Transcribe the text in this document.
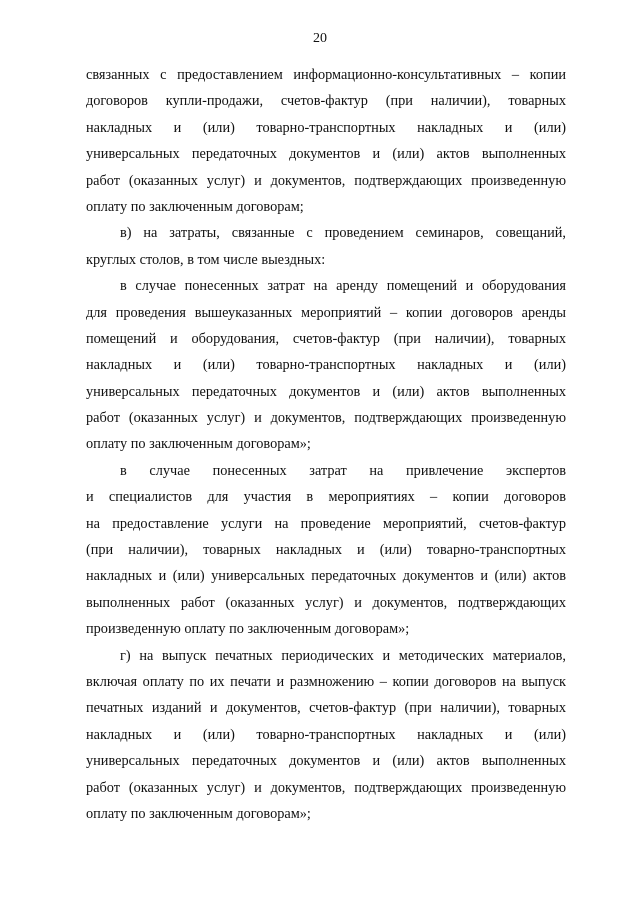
20
связанных с предоставлением информационно-консультативных – копии
договоров купли-продажи, счетов-фактур (при наличии), товарных
накладных и (или) товарно-транспортных накладных и (или)
универсальных передаточных документов и (или) актов выполненных
работ (оказанных услуг) и документов, подтверждающих произведенную
оплату по заключенным договорам;
в) на затраты, связанные с проведением семинаров, совещаний,
круглых столов, в том числе выездных:
в случае понесенных затрат на аренду помещений и оборудования
для проведения вышеуказанных мероприятий – копии договоров аренды
помещений и оборудования, счетов-фактур (при наличии), товарных
накладных и (или) товарно-транспортных накладных и (или)
универсальных передаточных документов и (или) актов выполненных
работ (оказанных услуг) и документов, подтверждающих произведенную
оплату по заключенным договорам»;
в случае понесенных затрат на привлечение экспертов
и специалистов для участия в мероприятиях – копии договоров
на предоставление услуги на проведение мероприятий, счетов-фактур
(при наличии), товарных накладных и (или) товарно-транспортных
накладных и (или) универсальных передаточных документов и (или) актов
выполненных работ (оказанных услуг) и документов, подтверждающих
произведенную оплату по заключенным договорам»;
г) на выпуск печатных периодических и методических материалов,
включая оплату по их печати и размножению – копии договоров на выпуск
печатных изданий и документов, счетов-фактур (при наличии), товарных
накладных и (или) товарно-транспортных накладных и (или)
универсальных передаточных документов и (или) актов выполненных
работ (оказанных услуг) и документов, подтверждающих произведенную
оплату по заключенным договорам»;
